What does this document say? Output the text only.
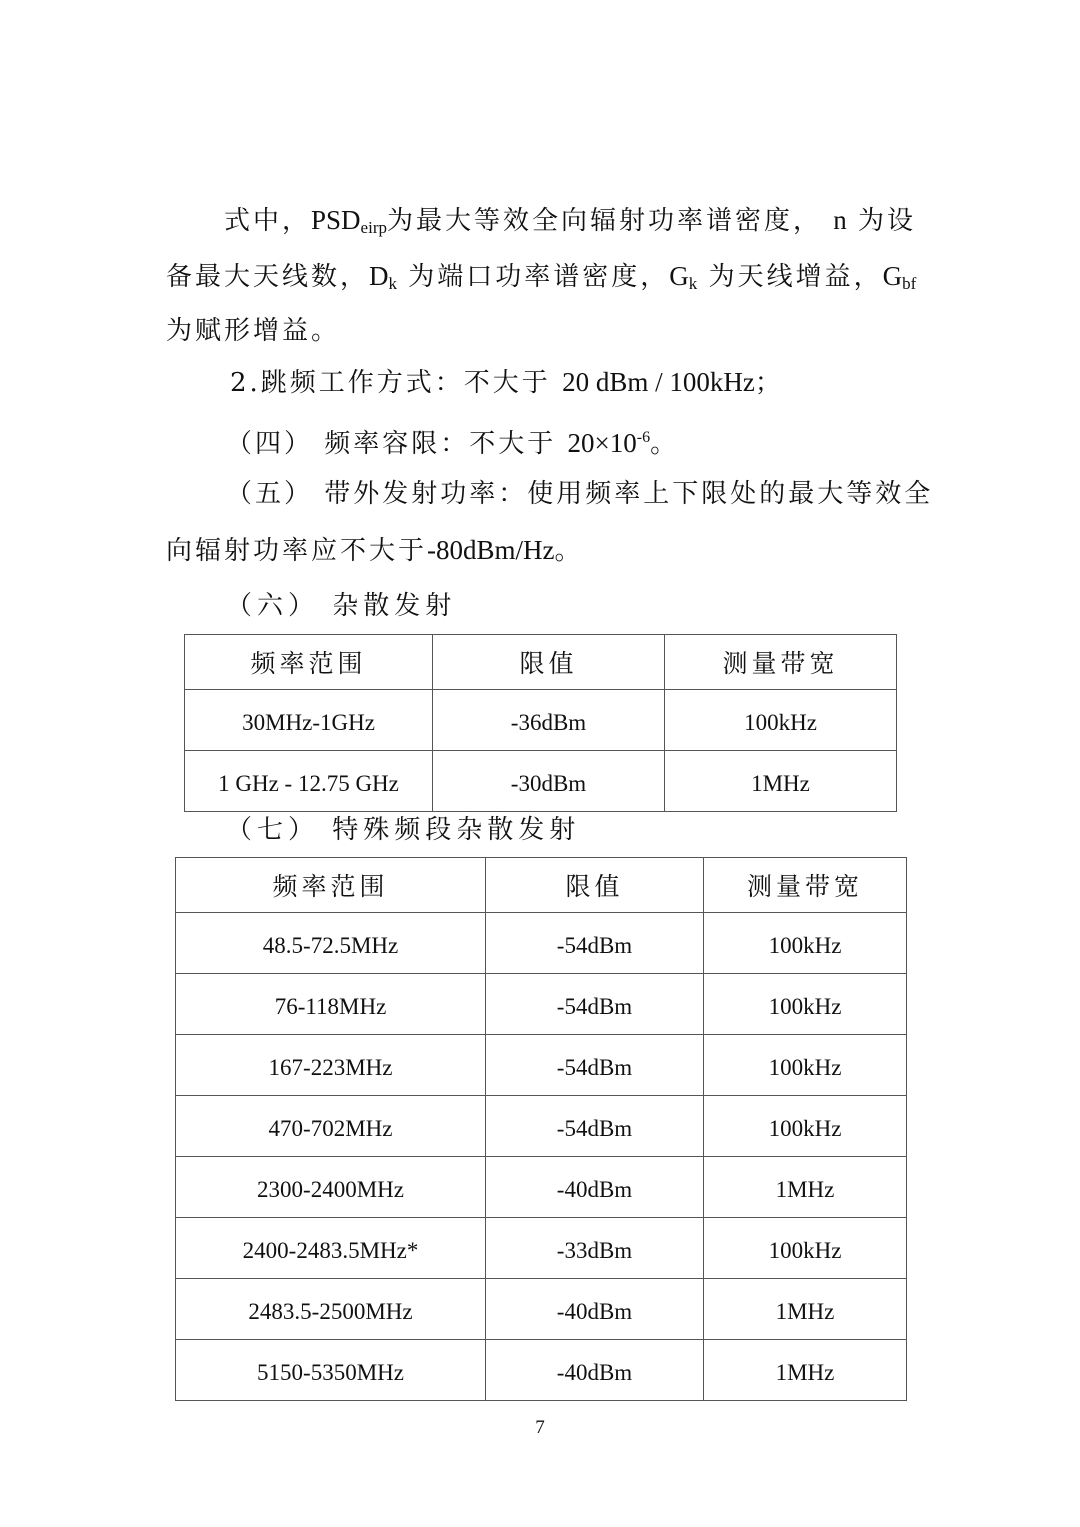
式中，$PSD_{eirp}$为最大等效全向辐射功率谱密度， n 为设
备最大天线数，$D_k$ 为端口功率谱密度，$G_k$ 为天线增益，$G_{bf}$
为赋形增益。
2.跳频工作方式：不大于 20 dBm / 100kHz；
（四） 频率容限：不大于 $20\times 10^{-6}$。
（五） 带外发射功率：使用频率上下限处的最大等效全
向辐射功率应不大于-80dBm/Hz。
（六） 杂散发射
频率范围	限值	测量带宽
30MHz-1GHz	-36dBm	100kHz
1 GHz - 12.75 GHz	-30dBm	1MHz
（七） 特殊频段杂散发射
频率范围	限值	测量带宽
48.5-72.5MHz	-54dBm	100kHz
76-118MHz	-54dBm	100kHz
167-223MHz	-54dBm	100kHz
470-702MHz	-54dBm	100kHz
2300-2400MHz	-40dBm	1MHz
2400-2483.5MHz*	-33dBm	100kHz
2483.5-2500MHz	-40dBm	1MHz
5150-5350MHz	-40dBm	1MHz
7
